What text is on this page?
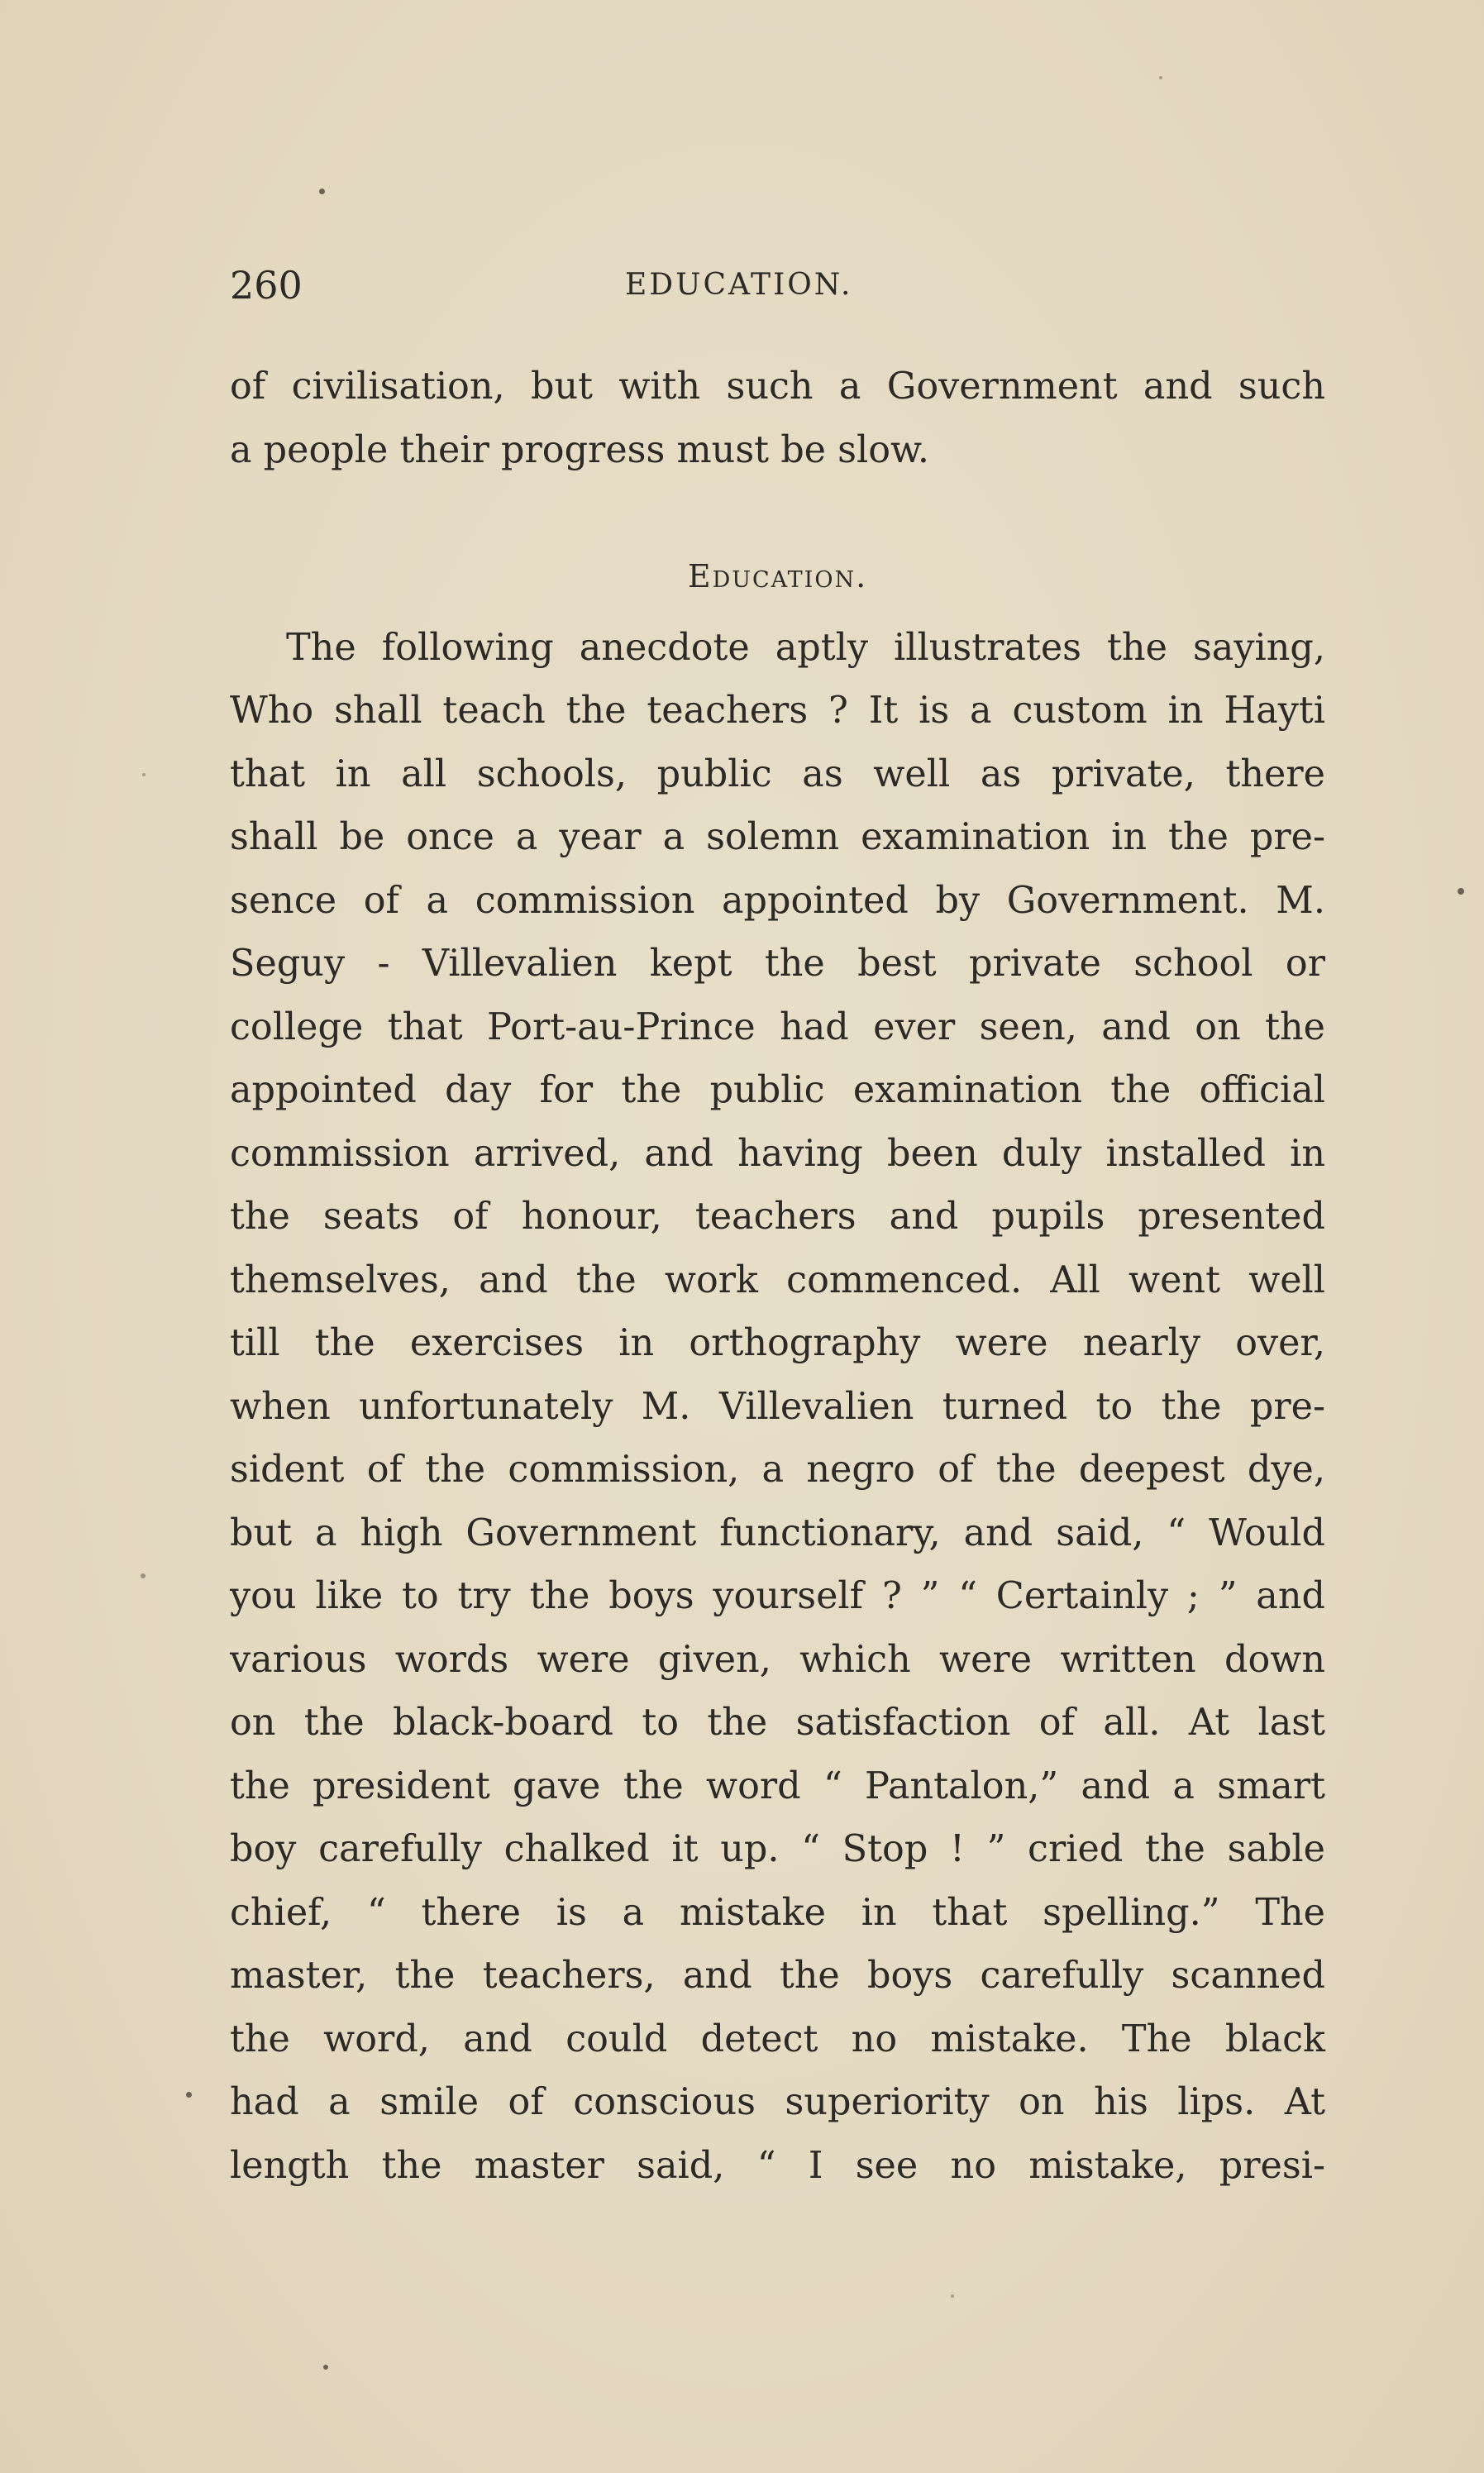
260	EDUCATION.
of civilisation, but with such a Government and such
a people their progress must be slow.
Education.
The following anecdote aptly illustrates the saying,
Who shall teach the teachers ? It is a custom in Hayti
that in all schools, public as well as private, there
shall be once a year a solemn examination in the pre-
sence of a commission appointed by Government. M.
Seguy - Villevalien kept the best private school or
college that Port-au-Prince had ever seen, and on the
appointed day for the public examination the official
commission arrived, and having been duly installed in
the seats of honour, teachers and pupils presented
themselves, and the work commenced. All went well
till the exercises in orthography were nearly over,
when unfortunately M. Villevalien turned to the pre-
sident of the commission, a negro of the deepest dye,
but a high Government functionary, and said, “ Would
you like to try the boys yourself ? ” “ Certainly ; ” and
various words were given, which were written down
on the black-board to the satisfaction of all. At last
the president gave the word “ Pantalon,” and a smart
boy carefully chalked it up. “ Stop ! ” cried the sable
chief, “ there is a mistake in that spelling.” The
master, the teachers, and the boys carefully scanned
the word, and could detect no mistake. The black
had a smile of conscious superiority on his lips. At
length the master said, “ I see no mistake, presi-
